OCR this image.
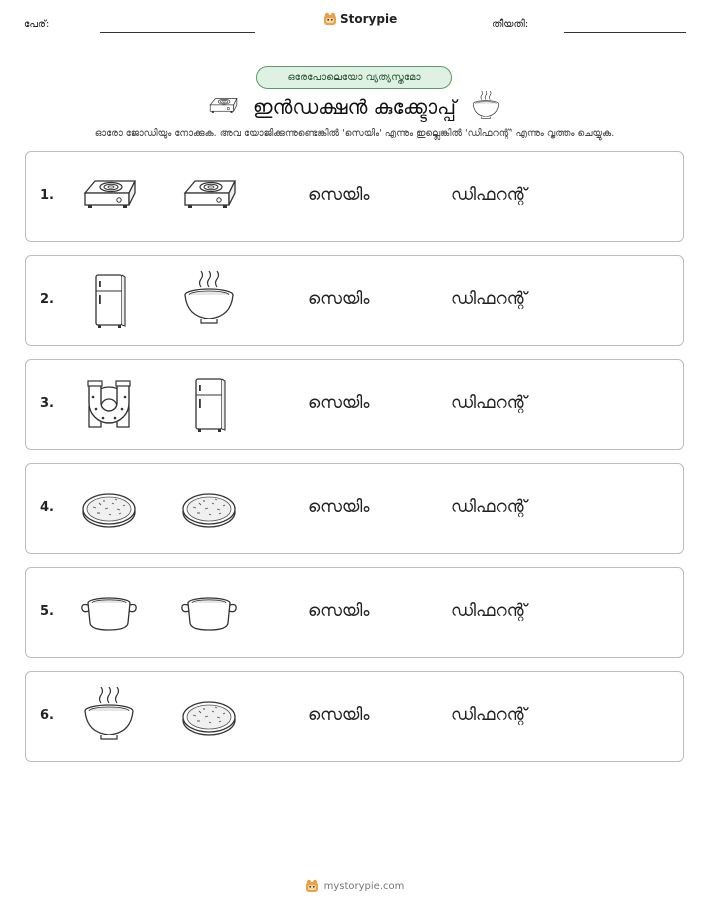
പേര്:	Storypie	തീയതി:
ഒരേപോലെയോ വ്യത്യസ്തമോ
ഇൻഡക്ഷൻ കുക്ക്ടോപ്പ്
ഓരോ ജോഡിയും നോക്കുക. അവ യോജിക്കുന്നുണ്ടെങ്കിൽ 'സെയിം' എന്നും ഇല്ലെങ്കിൽ 'ഡിഫറന്റ്' എന്നും വൃത്തം ചെയ്യുക.
1.	സെയിം	ഡിഫറന്റ്
2.	സെയിം	ഡിഫറന്റ്
3.	സെയിം	ഡിഫറന്റ്
4.	സെയിം	ഡിഫറന്റ്
5.	സെയിം	ഡിഫറന്റ്
6.	സെയിം	ഡിഫറന്റ്
mystorypie.com
